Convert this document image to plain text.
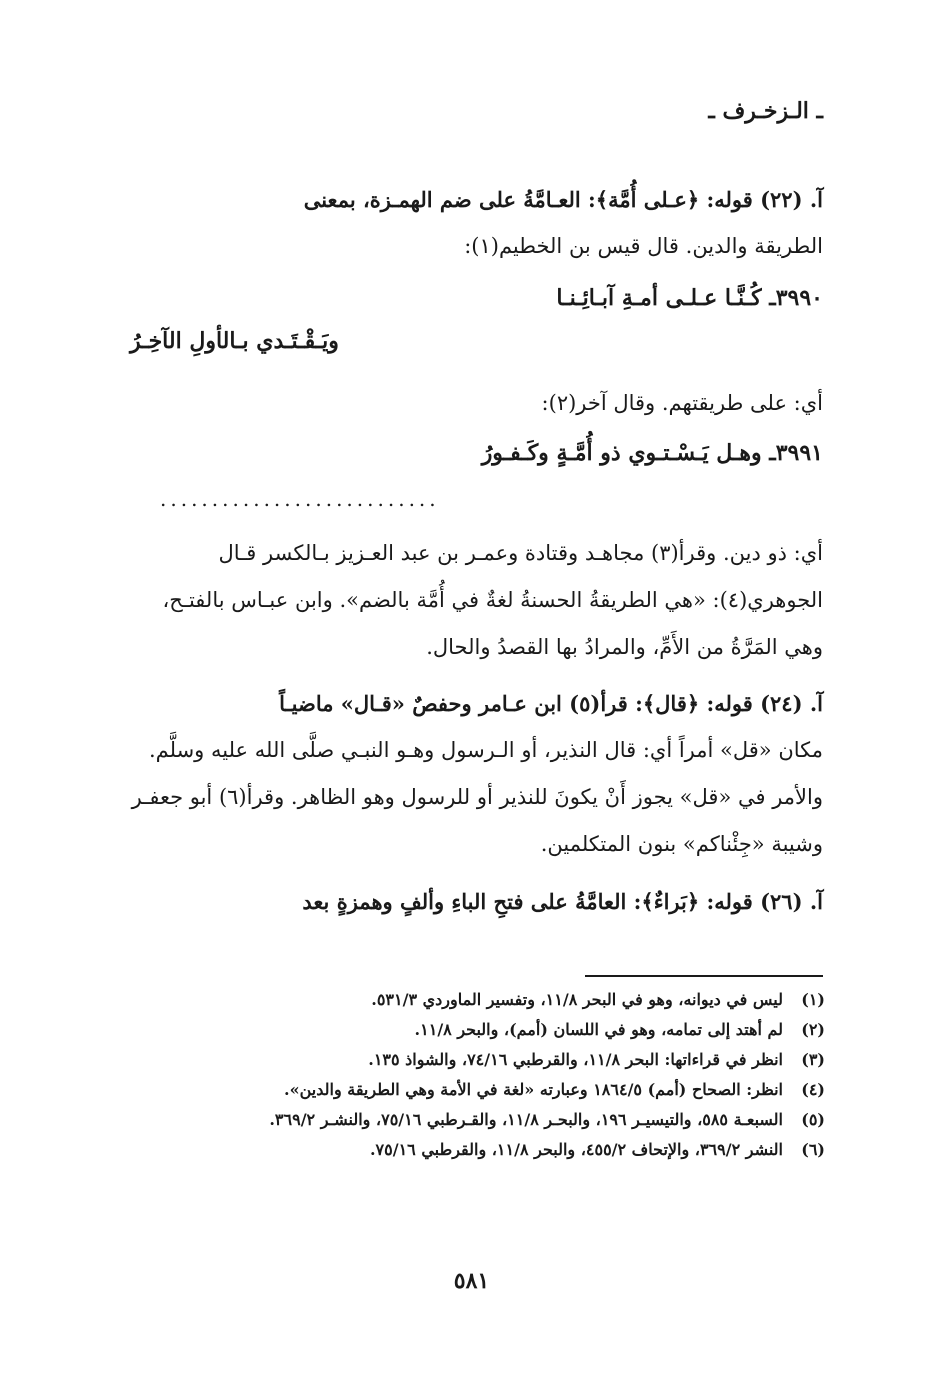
ـ الـزخـرف ـ
آ. (٢٢) قوله: ﴿عـلى أُمَّة﴾: العـامَّةُ على ضم الهمـزة، بمعنى
الطريقة والدين. قال قيس بن الخطيم(١):
٣٩٩٠ـ كُـنَّـا عـلـى أمـةِ آبـائِـنـا
ويَـقْـتَـدي بـالأولِ الآخِـرُ
أي: على طريقتهم. وقال آخر(٢):
٣٩٩١ـ وهـل يَـسْـتـوي ذو أُمَّـةٍ وكَـفـورُ
...........................
أي: ذو دين. وقرأ(٣) مجاهـد وقتادة وعمـر بن عبد العـزيز بـالكسر قـال
الجوهري(٤): «هي الطريقةُ الحسنةُ لغةٌ في أُمَّة بالضم». وابن عبـاس بالفتـح،
وهي المَرَّةُ من الأَمِّ، والمرادُ بها القصدُ والحال.
آ. (٢٤) قوله: ﴿قال﴾: قرأ(٥) ابن عـامر وحفصٌ «قـال» ماضيـاً
مكان «قل» أمراً أي: قال النذير، أو الـرسول وهـو النبـي صلَّى الله عليه وسلَّم.
والأمر في «قل» يجوز أَنْ يكونَ للنذير أو للرسول وهو الظاهر. وقرأ(٦) أبو جعفـر
وشيبة «جِئْناكم» بنون المتكلمين.
آ. (٢٦) قوله: ﴿بَراءٌ﴾: العامَّةُ على فتحِ الباءِ وألفٍ وهمزةٍ بعد
(١)
ليس في ديوانه، وهو في البحر ١١/٨، وتفسير الماوردي ٥٣١/٣.
(٢)
لم أهتد إلى تمامه، وهو في اللسان (أمم)، والبحر ١١/٨.
(٣)
انظر في قراءاتها: البحر ١١/٨، والقرطبي ٧٤/١٦، والشواذ ١٣٥.
(٤)
انظر: الصحاح (أمم) ١٨٦٤/٥ وعبارته «لغة في الأمة وهي الطريقة والدين».
(٥)
السبعـة ٥٨٥، والتيسيـر ١٩٦، والبحـر ١١/٨، والقـرطبي ٧٥/١٦، والنشـر ٣٦٩/٢.
(٦)
النشر ٣٦٩/٢، والإتحاف ٤٥٥/٢، والبحر ١١/٨، والقرطبي ٧٥/١٦.
٥٨١
